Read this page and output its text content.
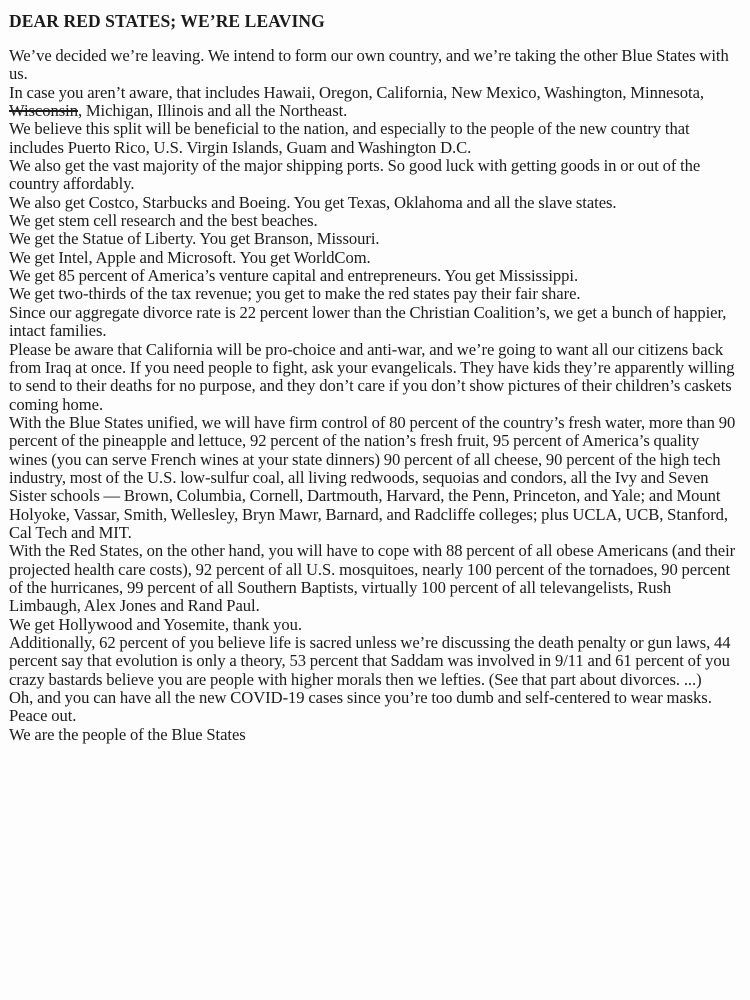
DEAR RED STATES; WE’RE LEAVING

We’ve decided we’re leaving. We intend to form our own country, and we’re taking the other Blue States with us.

In case you aren’t aware, that includes Hawaii, Oregon, California, New Mexico, Washington, Minnesota, Wisconsin, Michigan, Illinois and all the Northeast.

We believe this split will be beneficial to the nation, and especially to the people of the new country that includes Puerto Rico, U.S. Virgin Islands, Guam and Washington D.C.

We also get the vast majority of the major shipping ports. So good luck with getting goods in or out of the country affordably.

We also get Costco, Starbucks and Boeing. You get Texas, Oklahoma and all the slave states.

We get stem cell research and the best beaches.

We get the Statue of Liberty. You get Branson, Missouri.

We get Intel, Apple and Microsoft. You get WorldCom.

We get 85 percent of America’s venture capital and entrepreneurs. You get Mississippi.

We get two-thirds of the tax revenue; you get to make the red states pay their fair share.

Since our aggregate divorce rate is 22 percent lower than the Christian Coalition’s, we get a bunch of happier, intact families.

Please be aware that California will be pro-choice and anti-war, and we’re going to want all our citizens back from Iraq at once. If you need people to fight, ask your evangelicals. They have kids they’re apparently willing to send to their deaths for no purpose, and they don’t care if you don’t show pictures of their children’s caskets coming home.

With the Blue States unified, we will have firm control of 80 percent of the country’s fresh water, more than 90 percent of the pineapple and lettuce, 92 percent of the nation’s fresh fruit, 95 percent of America’s quality wines (you can serve French wines at your state dinners) 90 percent of all cheese, 90 percent of the high tech industry, most of the U.S. low-sulfur coal, all living redwoods, sequoias and condors, all the Ivy and Seven Sister schools — Brown, Columbia, Cornell, Dartmouth, Harvard, the Penn, Princeton, and Yale; and Mount Holyoke, Vassar, Smith, Wellesley, Bryn Mawr, Barnard, and Radcliffe colleges; plus UCLA, UCB, Stanford, Cal Tech and MIT.

With the Red States, on the other hand, you will have to cope with 88 percent of all obese Americans (and their projected health care costs), 92 percent of all U.S. mosquitoes, nearly 100 percent of the tornadoes, 90 percent of the hurricanes, 99 percent of all Southern Baptists, virtually 100 percent of all televangelists, Rush Limbaugh, Alex Jones and Rand Paul.

We get Hollywood and Yosemite, thank you.

Additionally, 62 percent of you believe life is sacred unless we’re discussing the death penalty or gun laws, 44 percent say that evolution is only a theory, 53 percent that Saddam was involved in 9/11 and 61 percent of you crazy bastards believe you are people with higher morals then we lefties. (See that part about divorces. ...)

Oh, and you can have all the new COVID-19 cases since you’re too dumb and self-centered to wear masks.

Peace out.

We are the people of the Blue States
